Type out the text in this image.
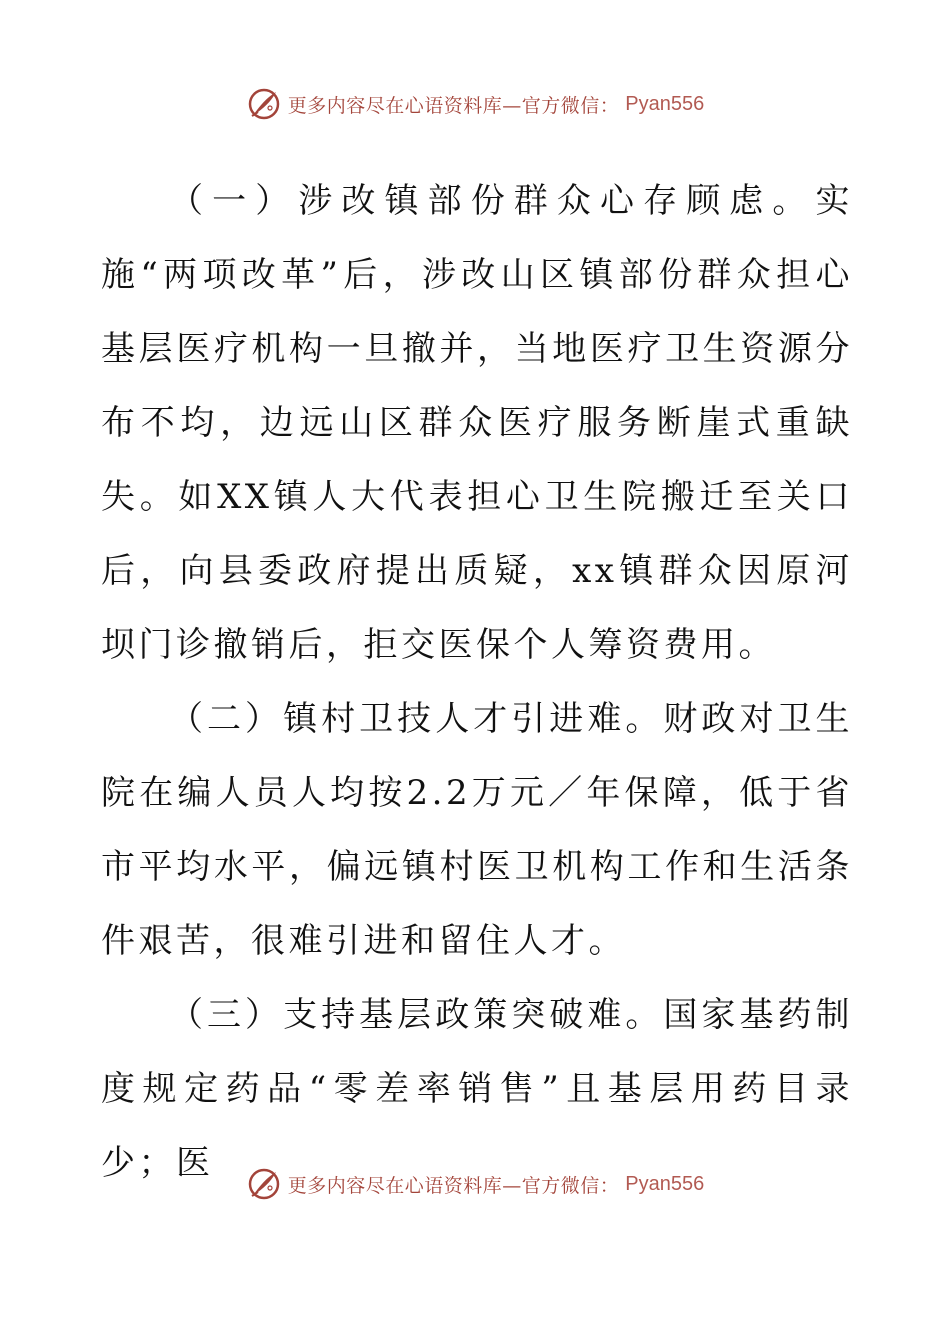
更多内容尽在心语资料库—官方微信： Pyan556

（一）涉改镇部份群众心存顾虑。实施“两项改革”后，涉改山区镇部份群众担心基层医疗机构一旦撤并，当地医疗卫生资源分布不均，边远山区群众医疗服务断崖式重缺失。如XX镇人大代表担心卫生院搬迁至关口后，向县委政府提出质疑，xx镇群众因原河坝门诊撤销后，拒交医保个人筹资费用。

（二）镇村卫技人才引进难。财政对卫生院在编人员人均按2.2万元／年保障，低于省市平均水平，偏远镇村医卫机构工作和生活条件艰苦，很难引进和留住人才。

（三）支持基层政策突破难。国家基药制度规定药品“零差率销售”且基层用药目录少；医

更多内容尽在心语资料库—官方微信： Pyan556
